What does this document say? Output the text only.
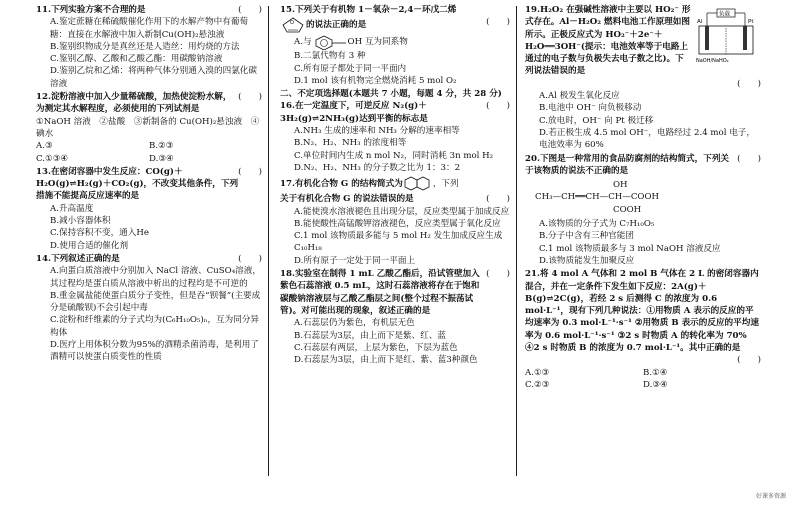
11.下列实验方案不合理的是	(　　)
A.鉴定蔗糖在稀硫酸催化作用下的水解产物中有葡萄糖：直接在水解液中加入新制Cu(OH)₂悬浊液
B.鉴别织物成分是真丝还是人造丝：用灼烧的方法
C.鉴别乙醇、乙酸和乙酸乙酯：用碳酸钠溶液
D.鉴别乙烷和乙烯：将两种气体分别通入溴的四氯化碳溶液
12.淀粉溶液中加入少量稀硫酸，加热使淀粉水解，为测定其水解程度，必须使用的下列试剂是
(　　)
①NaOH 溶液　②盐酸　③新制备的 Cu(OH)₂悬浊液　④碘水
A.③	B.②③
C.①③④	D.③④
13.在密闭容器中发生反应：CO(g)＋H₂O(g)⇌H₂(g)＋CO₂(g)，不改变其他条件，下列措施不能提高反应速率的是
(　　)
A.升高温度
B.减小容器体积
C.保持容积不变，通入He
D.使用合适的催化剂
14.下列叙述正确的是	(　　)
A.向蛋白质溶液中分别加入 NaCl 溶液、CuSO₄溶液，其过程均是蛋白质从溶液中析出的过程均是不可逆的
B.重金属盐能使蛋白质分子变性，但是吞“钡餐”(主要成分是硫酸钡)不会引起中毒
C.淀粉和纤维素的分子式均为(C₆H₁₀O₅)ₙ，互为同分异构体
D.医疗上用体积分数为95%的酒精杀菌消毒，是利用了酒精可以使蛋白质变性的性质
15.下列关于有机物 1－氧杂－2,4－环戊二烯
O 的说法正确的是	(　　)
A.与	OH 互为同系物
B.二氯代物有 3 种
C.所有原子都处于同一平面内
D.1 mol 该有机物完全燃烧消耗 5 mol O₂
二、不定项选择题(本题共 7 小题，每题 4 分，共 28 分)
16.在一定温度下，可逆反应 N₂(g)＋3H₂(g)⇌2NH₃(g)达到平衡的标志是
(　　)
A.NH₃ 生成的速率和 NH₃ 分解的速率相等
B.N₂、H₂、NH₃ 的浓度相等
C.单位时间内生成 n mol N₂，同时消耗 3n mol H₂
D.N₂、H₂、NH₃ 的分子数之比为 1：3：2
17.有机化合物 G 的结构简式为	，下列
关于有机化合物 G 的说法错误的是	(　　)
A.能使溴水溶液褪色且出现分层，反应类型属于加成反应
B.能使酸性高锰酸钾溶液褪色，反应类型属于氧化反应
C.1 mol 该物质最多能与 5 mol H₂ 发生加成反应生成 C₁₀H₁₈
D.所有原子一定处于同一平面上
18.实验室在制得 1 mL 乙酸乙酯后，沿试管壁加入紫色石蕊溶液 0.5 mL，这时石蕊溶液将存在于饱和碳酸钠溶液层与乙酸乙酯层之间(整个过程不振荡试管)。对可能出现的现象，叙述正确的是
(　　)
A.石蕊层仍为紫色，有机层无色
B.石蕊层为3层，由上而下是紫、红、蓝
C.石蕊层有两层，上层为紫色，下层为蓝色
D.石蕊层为3层，由上而下是红、紫、蓝3种颜色
负载
Al	Pt
NaOH/NaHO₂
19.H₂O₂ 在强碱性溶液中主要以 HO₂⁻ 形式存在。Al－H₂O₂ 燃料电池工作原理如图所示。正极反应式为 HO₂⁻＋2e⁻＋H₂O══3OH⁻(提示：电池效率等于电路上通过的电子数与负极失去电子数之比)。下列说法错误的是
(　　)
A.Al 极发生氧化反应
B.电池中 OH⁻ 向负极移动
C.放电时，OH⁻ 向 Pt 极迁移
D.若正极生成 4.5 mol OH⁻，电路经过 2.4 mol 电子，电池效率为 60%
20.下图是一种常用的食品防腐剂的结构简式，下列关于该物质的说法不正确的是
(　　)
OH
CH₃—CH══CH—CH—COOH
COOH
A.该物质的分子式为 C₇H₁₀O₅
B.分子中含有三种官能团
C.1 mol 该物质最多与 3 mol NaOH 溶液反应
D.该物质能发生加聚反应
21.将 4 mol A 气体和 2 mol B 气体在 2 L 的密闭容器内混合，并在一定条件下发生如下反应：2A(g)＋B(g)⇌2C(g)，若经 2 s 后测得 C 的浓度为 0.6 mol·L⁻¹，现有下列几种说法：①用物质 A 表示的反应的平均速率为 0.3 mol·L⁻¹·s⁻¹ ②用物质 B 表示的反应的平均速率为 0.6 mol·L⁻¹·s⁻¹ ③2 s 时物质 A 的转化率为 70% ④2 s 时物质 B 的浓度为 0.7 mol·L⁻¹。其中正确的是
(　　)
A.①③	B.①④
C.②③	D.③④
好课多资源
